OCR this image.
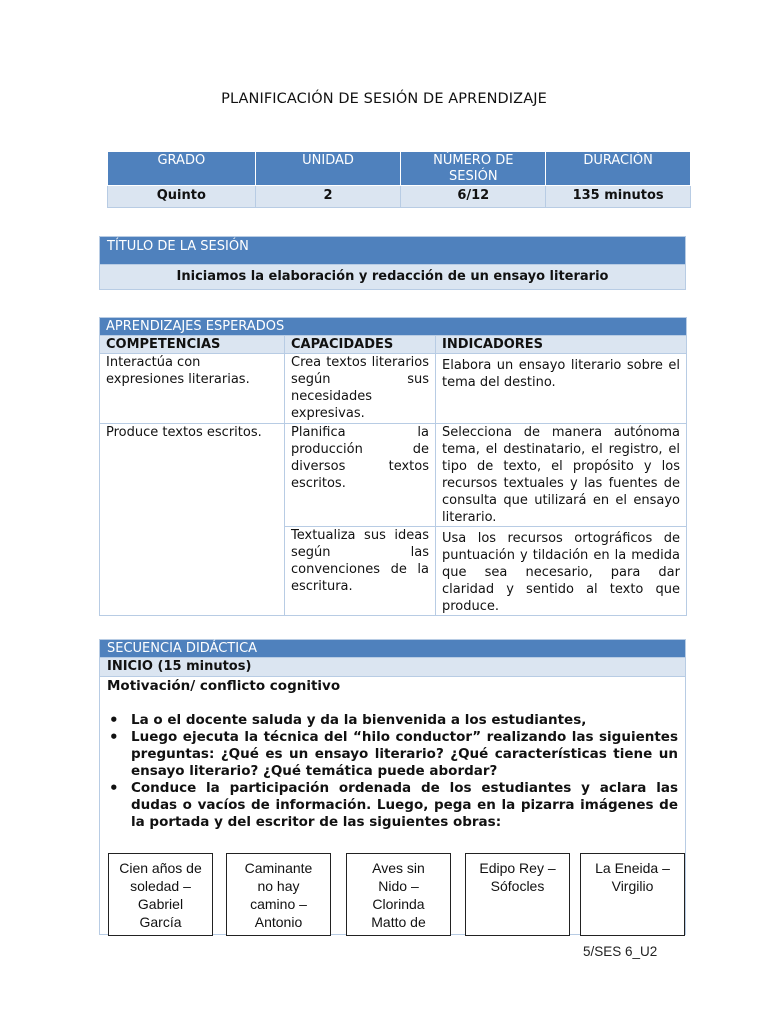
PLANIFICACIÓN DE SESIÓN DE APRENDIZAJE
GRADO	UNIDAD	NÚMERO DE SESIÓN	DURACIÓN
Quinto	2	6/12	135 minutos
TÍTULO DE LA SESIÓN
Iniciamos la elaboración y redacción de un ensayo literario
APRENDIZAJES ESPERADOS		
COMPETENCIAS	CAPACIDADES	INDICADORES
Interactúa con expresiones literarias.	Crea textos literarios según sus necesidades expresivas.	Elabora un ensayo literario sobre el tema del destino.
Produce textos escritos.	Planifica la producción de diversos textos escritos.	Selecciona de manera autónoma tema, el destinatario, el registro, el tipo de texto, el propósito y los recursos textuales y las fuentes de consulta que utilizará en el ensayo literario.
	Textualiza sus ideas según las convenciones de la escritura.	Usa los recursos ortográficos de puntuación y tildación en la medida que sea necesario, para dar claridad y sentido al texto que produce.
SECUENCIA DIDÁCTICA
INICIO (15 minutos)

Motivación/ conflicto cognitivo
• La o el docente saluda y da la bienvenida a los estudiantes,
• Luego ejecuta la técnica del “hilo conductor” realizando las siguientes preguntas: ¿Qué es un ensayo literario? ¿Qué características tiene un ensayo literario? ¿Qué temática puede abordar?
• Conduce la participación ordenada de los estudiantes y aclara las dudas o vacíos de información. Luego, pega en la pizarra imágenes de la portada y del escritor de las siguientes obras:
Cien años de soledad – Gabriel García
Caminante no hay camino – Antonio
Aves sin Nido – Clorinda Matto de
Edipo Rey – Sófocles
La Eneida – Virgilio
5/SES 6_U2
